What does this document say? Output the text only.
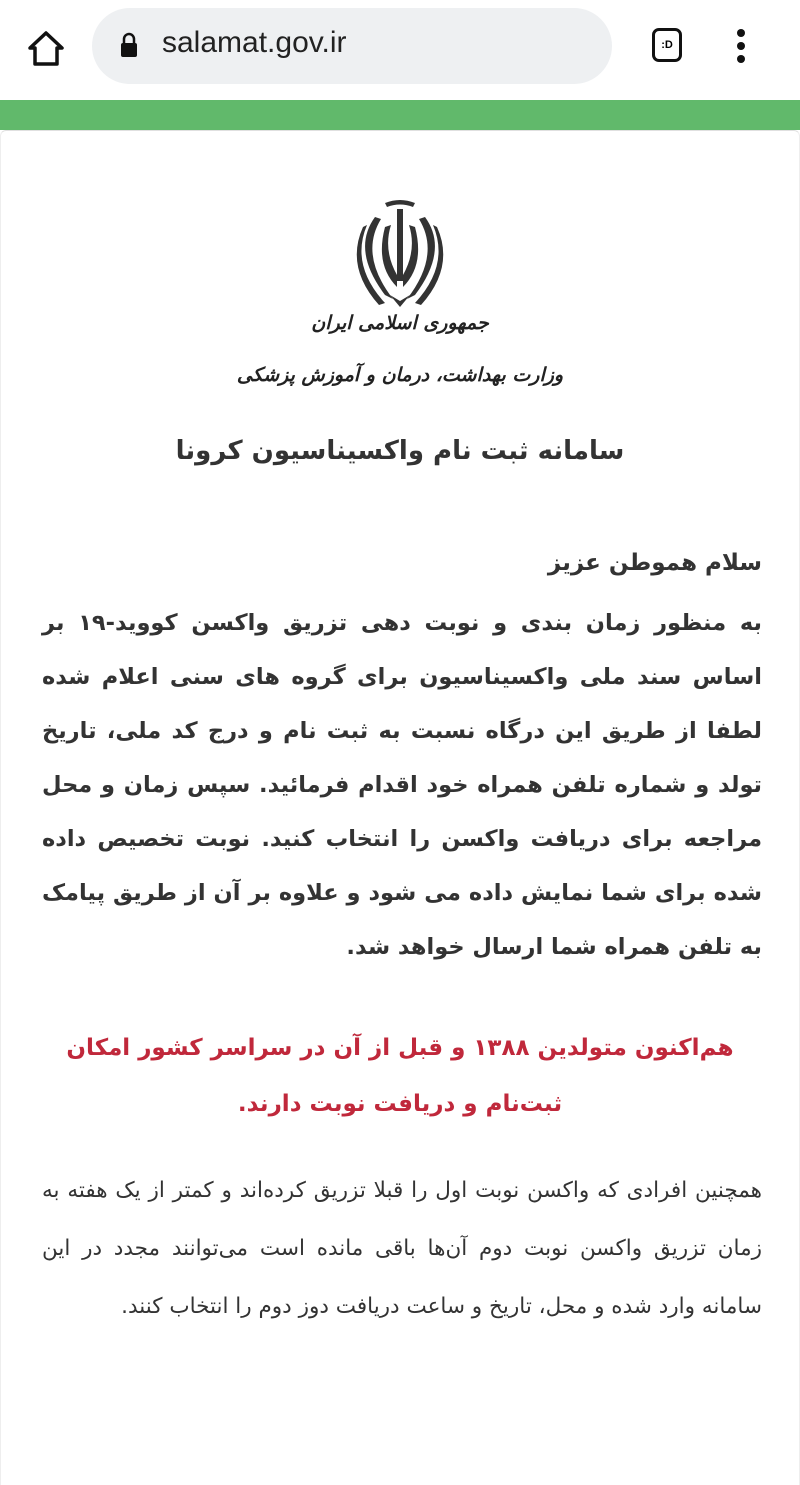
salamat.gov.ir	:D
جمهوری اسلامی ایران
وزارت بهداشت، درمان و آموزش پزشکی
سامانه ثبت نام واکسیناسیون کرونا
سلام هموطن عزیز
به منظور زمان بندی و نوبت دهی تزریق واکسن کووید-۱۹ بر اساس سند ملی واکسیناسیون برای گروه های سنی اعلام شده لطفا از طریق این درگاه نسبت به ثبت نام و درج کد ملی، تاریخ تولد و شماره تلفن همراه خود اقدام فرمائید. سپس زمان و محل مراجعه برای دریافت واکسن را انتخاب کنید. نوبت تخصیص داده شده برای شما نمایش داده می شود و علاوه بر آن از طریق پیامک به تلفن همراه شما ارسال خواهد شد.
هم‌اکنون متولدین ۱۳۸۸ و قبل از آن در سراسر کشور امکان ثبت‌نام و دریافت نوبت دارند.
همچنین افرادی که واکسن نوبت اول را قبلا تزریق کرده‌اند و کمتر از یک هفته به زمان تزریق واکسن نوبت دوم آن‌ها باقی مانده است می‌توانند مجدد در این سامانه وارد شده و محل، تاریخ و ساعت دریافت دوز دوم را انتخاب کنند.
